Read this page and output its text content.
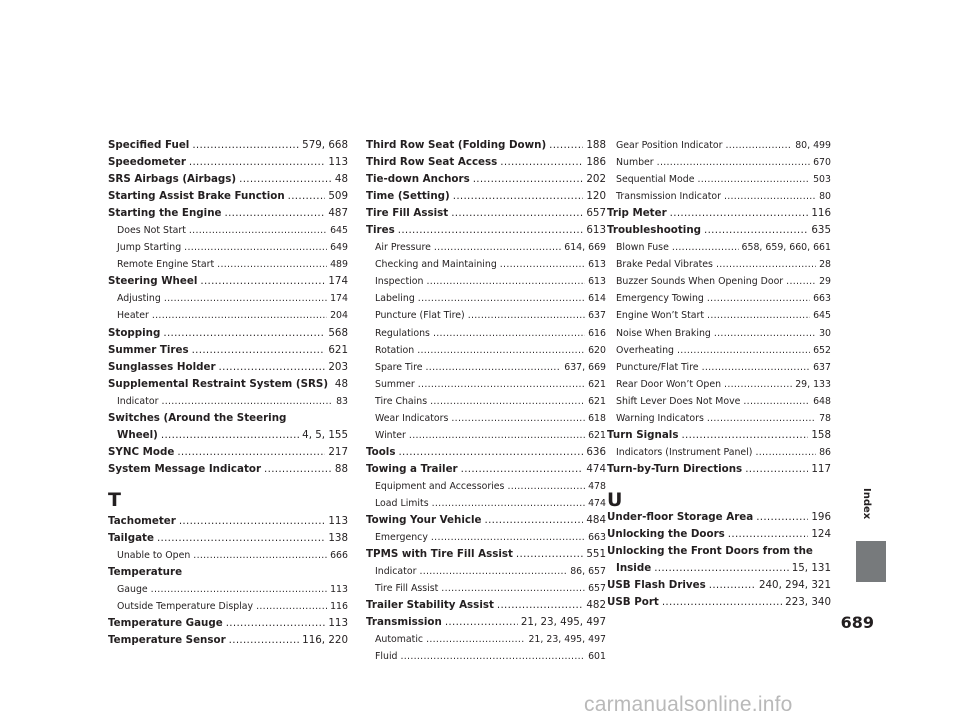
Specified Fuel .....	579, 668
Speedometer .....	113
SRS Airbags (Airbags) .....	48
Starting Assist Brake Function .....	509
Starting the Engine .....	487
Does Not Start .....	645
Jump Starting .....	649
Remote Engine Start .....	489
Steering Wheel .....	174
Adjusting .....	174
Heater .....	204
Stopping .....	568
Summer Tires .....	621
Sunglasses Holder .....	203
Supplemental Restraint System (SRS) ..... 48
Indicator .....	83
Switches (Around the Steering
Wheel) .....	4, 5, 155
SYNC Mode .....	217
System Message Indicator .....	88
T
Tachometer .....	113
Tailgate .....	138
Unable to Open .....	666
Temperature
Gauge .....	113
Outside Temperature Display .....	116
Temperature Gauge .....	113
Temperature Sensor .....	116, 220
Third Row Seat (Folding Down) .....	188
Third Row Seat Access .....	186
Tie-down Anchors .....	202
Time (Setting) .....	120
Tire Fill Assist .....	657
Tires .....	613
Air Pressure .....	614, 669
Checking and Maintaining .....	613
Inspection .....	613
Labeling .....	614
Puncture (Flat Tire) .....	637
Regulations .....	616
Rotation .....	620
Spare Tire .....	637, 669
Summer .....	621
Tire Chains .....	621
Wear Indicators .....	618
Winter .....	621
Tools .....	636
Towing a Trailer .....	474
Equipment and Accessories .....	478
Load Limits .....	474
Towing Your Vehicle .....	484
Emergency .....	663
TPMS with Tire Fill Assist .....	551
Indicator .....	86, 657
Tire Fill Assist .....	657
Trailer Stability Assist .....	482
Transmission .....	21, 23, 495, 497
Automatic .....	21, 23, 495, 497
Fluid .....	601
Gear Position Indicator .....	80, 499
Number .....	670
Sequential Mode .....	503
Transmission Indicator .....	80
Trip Meter .....	116
Troubleshooting .....	635
Blown Fuse .....	658, 659, 660, 661
Brake Pedal Vibrates .....	28
Buzzer Sounds When Opening Door .....	29
Emergency Towing .....	663
Engine Won’t Start .....	645
Noise When Braking .....	30
Overheating .....	652
Puncture/Flat Tire .....	637
Rear Door Won’t Open .....	29, 133
Shift Lever Does Not Move .....	648
Warning Indicators .....	78
Turn Signals .....	158
Indicators (Instrument Panel) .....	86
Turn-by-Turn Directions .....	117
U
Under-floor Storage Area .....	196
Unlocking the Doors .....	124
Unlocking the Front Doors from the
Inside .....	15, 131
USB Flash Drives .....	240, 294, 321
USB Port .....	223, 340
Index
689
carmanualsonline.info
